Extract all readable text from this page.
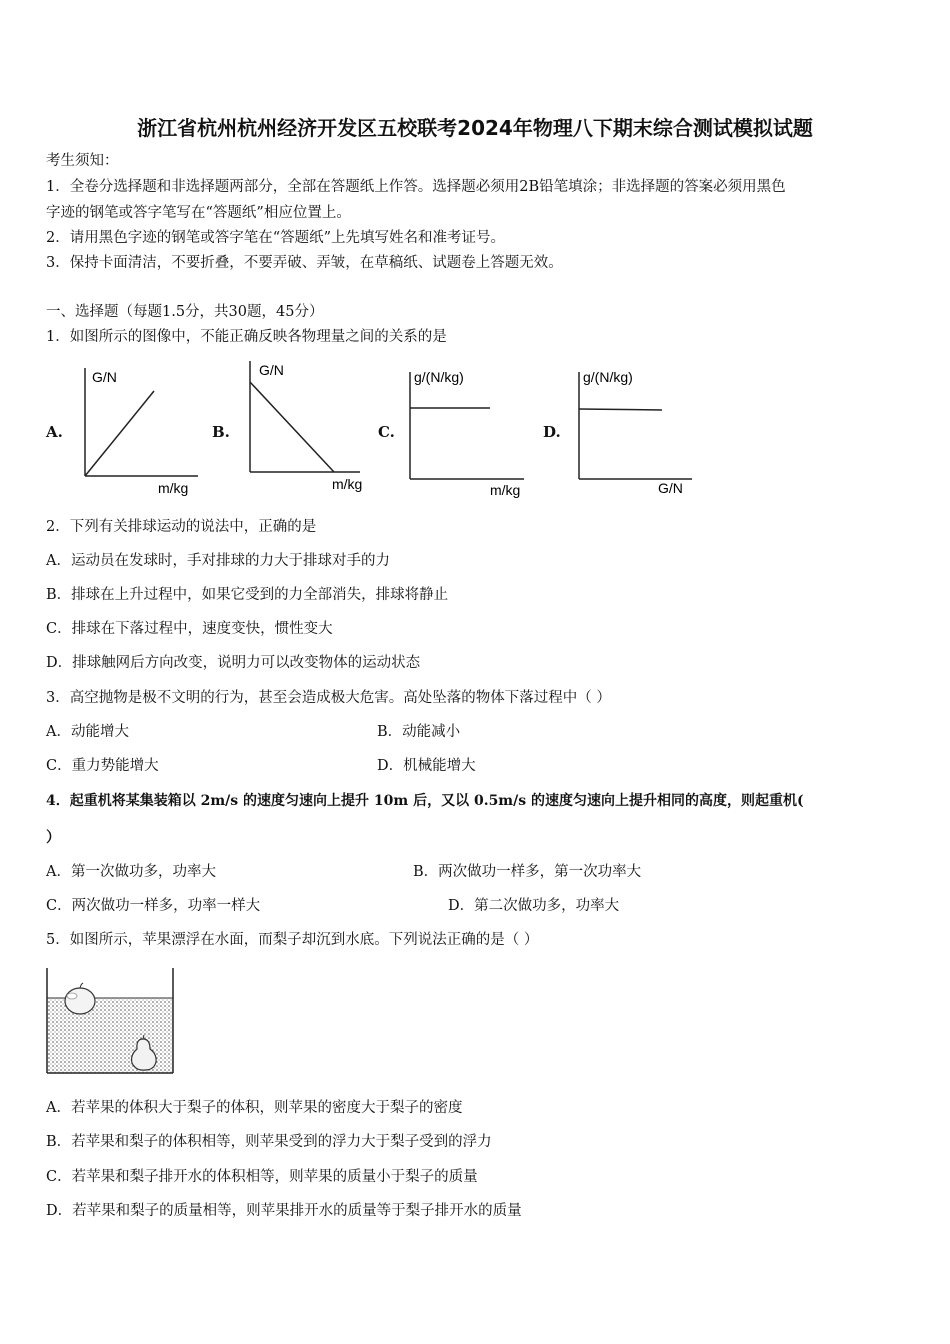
浙江省杭州杭州经济开发区五校联考2024年物理八下期末综合测试模拟试题
考生须知：
1．全卷分选择题和非选择题两部分，全部在答题纸上作答。选择题必须用2B铅笔填涂；非选择题的答案必须用黑色
字迹的钢笔或答字笔写在“答题纸”相应位置上。
2．请用黑色字迹的钢笔或答字笔在“答题纸”上先填写姓名和准考证号。
3．保持卡面清洁，不要折叠，不要弄破、弄皱，在草稿纸、试题卷上答题无效。
一、选择题（每题1.5分，共30题，45分）
1．如图所示的图像中，不能正确反映各物理量之间的关系的是
A.	B.	C.	D.
G/N
m/kg
G/N
m/kg
g/(N/kg)
m/kg
g/(N/kg)
G/N
2．下列有关排球运动的说法中，正确的是
A．运动员在发球时，手对排球的力大于排球对手的力
B．排球在上升过程中，如果它受到的力全部消失，排球将静止
C．排球在下落过程中，速度变快，惯性变大
D．排球触网后方向改变，说明力可以改变物体的运动状态
3．高空抛物是极不文明的行为，甚至会造成极大危害。高处坠落的物体下落过程中（ ）
A．动能增大	B．动能减小
C．重力势能增大	D．机械能增大
4．起重机将某集装箱以 2m/s 的速度匀速向上提升 10m 后，又以 0.5m/s 的速度匀速向上提升相同的高度，则起重机(
）
A．第一次做功多，功率大	B．两次做功一样多，第一次功率大
C．两次做功一样多，功率一样大	D．第二次做功多，功率大
5．如图所示，苹果漂浮在水面，而梨子却沉到水底。下列说法正确的是（ ）
A．若苹果的体积大于梨子的体积，则苹果的密度大于梨子的密度
B．若苹果和梨子的体积相等，则苹果受到的浮力大于梨子受到的浮力
C．若苹果和梨子排开水的体积相等，则苹果的质量小于梨子的质量
D．若苹果和梨子的质量相等，则苹果排开水的质量等于梨子排开水的质量
